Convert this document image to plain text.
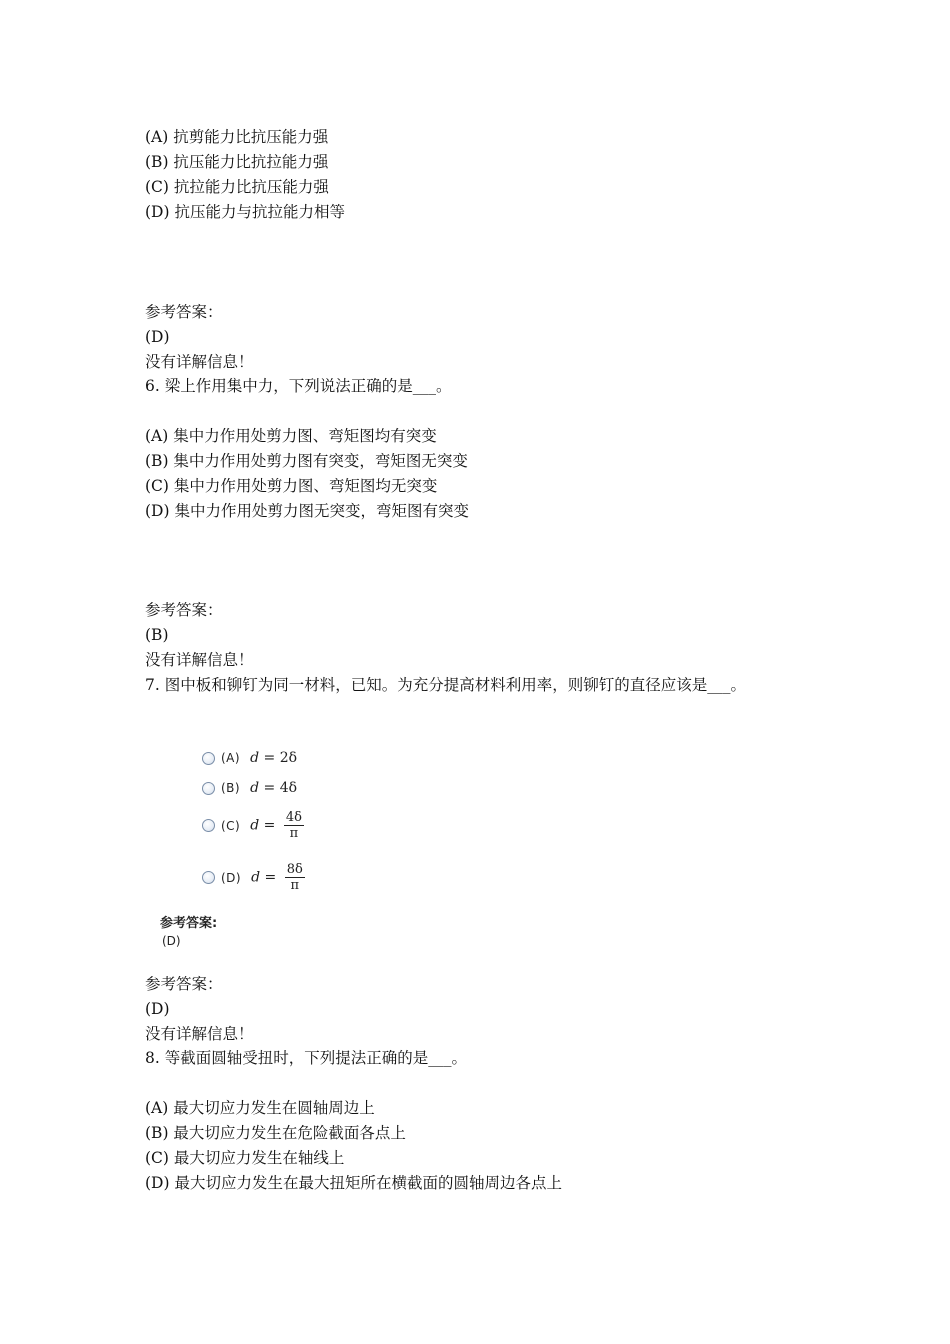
(A) 抗剪能力比抗压能力强
(B) 抗压能力比抗拉能力强
(C) 抗拉能力比抗压能力强
(D) 抗压能力与抗拉能力相等
参考答案：
(D)
没有详解信息！
6. 梁上作用集中力，下列说法正确的是___。
(A) 集中力作用处剪力图、弯矩图均有突变
(B) 集中力作用处剪力图有突变，弯矩图无突变
(C) 集中力作用处剪力图、弯矩图均无突变
(D) 集中力作用处剪力图无突变，弯矩图有突变
参考答案：
(B)
没有详解信息！
7. 图中板和铆钉为同一材料，已知。为充分提高材料利用率，则铆钉的直径应该是___。
(A) d = 2δ
(B) d = 4δ
(C) $d = \frac{4\delta}{\pi}$
(D) $d = \frac{8\delta}{\pi}$
参考答案:
(D)
参考答案：
(D)
没有详解信息！
8. 等截面圆轴受扭时，下列提法正确的是___。
(A) 最大切应力发生在圆轴周边上
(B) 最大切应力发生在危险截面各点上
(C) 最大切应力发生在轴线上
(D) 最大切应力发生在最大扭矩所在横截面的圆轴周边各点上
